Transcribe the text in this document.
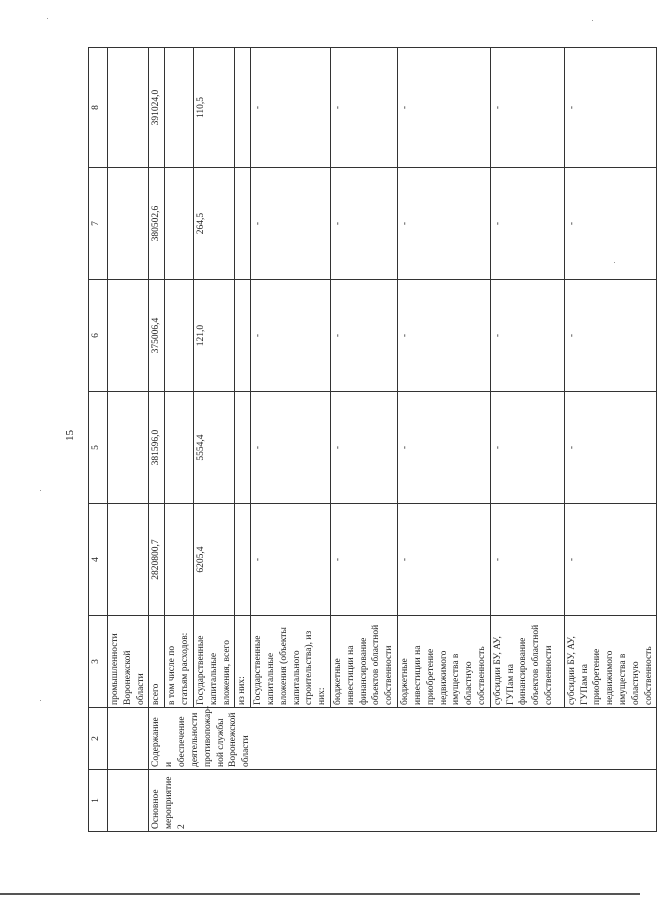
15
1	2	3	4	5	6	7	8
		промышленности Воронежской области					
Основное мероприятие 2	Содержание и обеспечение деятельности противопожар-ной службы Воронежской области	всего	2820800,7	381596,0	375006,4	380502,6	391024,0
		в том числе по статьям расходов:					
		Государственные капитальные вложения, всего	6205,4	5554,4	121,0	264,5	110,5
		из них:					
		Государственные капитальные вложения (объекты капитального строительства), из них:	-	-	-	-	-
		бюджетные инвестиции на финансирование объектов областной собственности	-	-	-	-	-
		бюджетные инвестиции на приобретение недвижимого имущества в областную собственность	-	-	-	-	-
		субсидии БУ, АУ, ГУПам на финансирование объектов областной собственности	-	-	-	-	-
		субсидии БУ, АУ, ГУПам на приобретение недвижимого имущества в областную собственность	-	-	-	-	-
